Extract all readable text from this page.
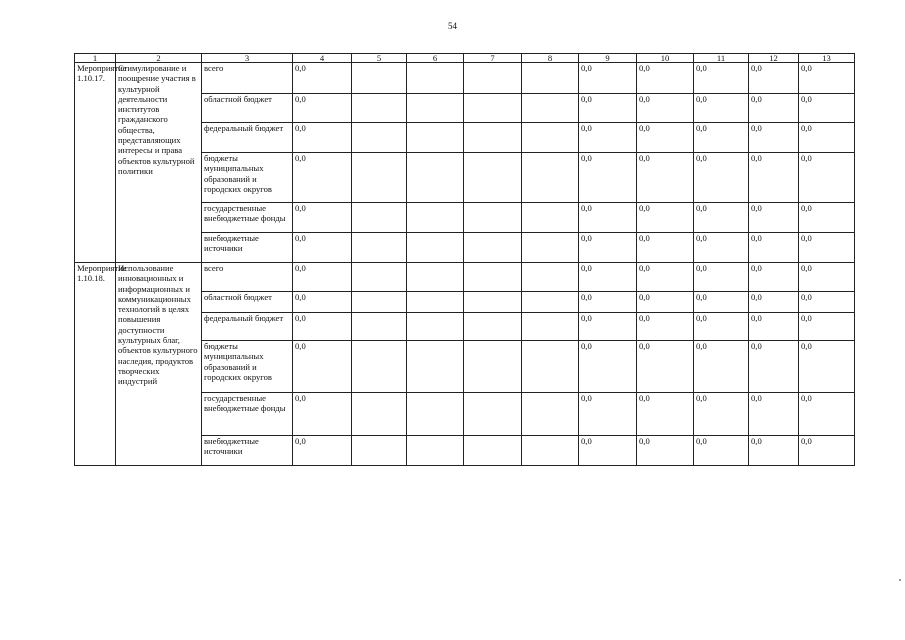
54
1	2	3	4	5	6	7	8	9	10	11	12	13
Мероприятие 1.10.17.	Стимулирование и поощрение участия в культурной деятельности институтов гражданского общества, представляющих интересы и права объектов культурной политики	всего	0,0					0,0	0,0	0,0	0,0	0,0
		областной бюджет	0,0					0,0	0,0	0,0	0,0	0,0
		федеральный бюджет	0,0					0,0	0,0	0,0	0,0	0,0
		бюджеты муниципальных образований и городских округов	0,0					0,0	0,0	0,0	0,0	0,0
		государственные внебюджетные фонды	0,0					0,0	0,0	0,0	0,0	0,0
		внебюджетные источники	0,0					0,0	0,0	0,0	0,0	0,0
Мероприятие 1.10.18.	Использование инновационных и информационных и коммуникационных технологий в целях повышения доступности культурных благ, объектов культурного наследия, продуктов творческих индустрий	всего	0,0					0,0	0,0	0,0	0,0	0,0
		областной бюджет	0,0					0,0	0,0	0,0	0,0	0,0
		федеральный бюджет	0,0					0,0	0,0	0,0	0,0	0,0
		бюджеты муниципальных образований и городских округов	0,0					0,0	0,0	0,0	0,0	0,0
		государственные внебюджетные фонды	0,0					0,0	0,0	0,0	0,0	0,0
		внебюджетные источники	0,0					0,0	0,0	0,0	0,0	0,0
